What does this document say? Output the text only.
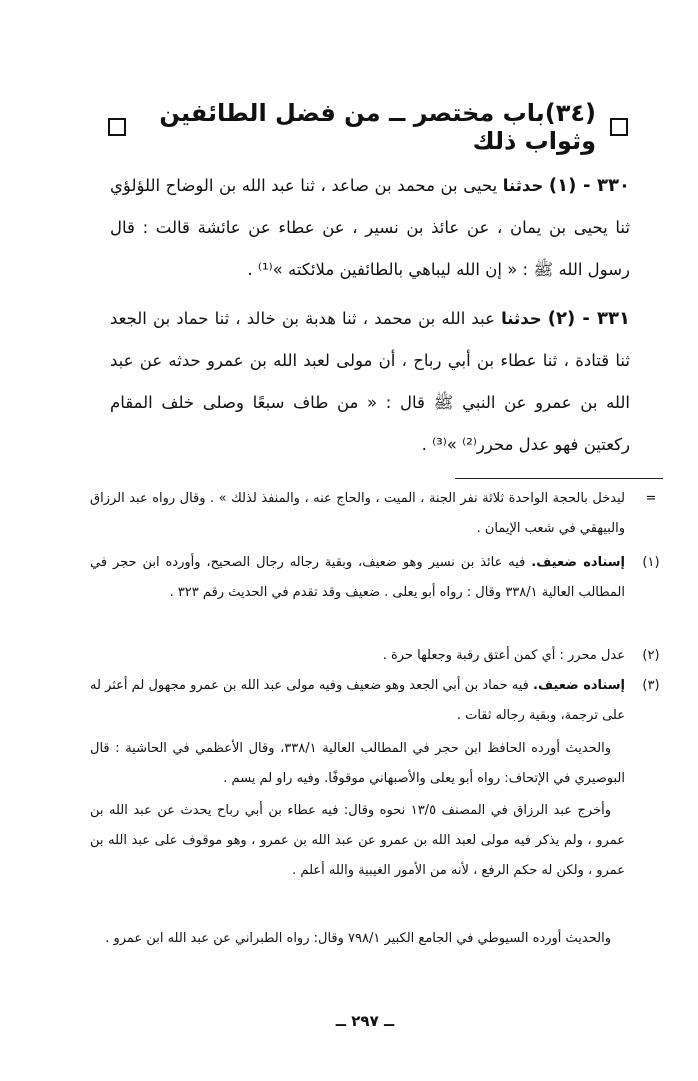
(٣٤)باب مختصر ــ من فضل الطائفين وثواب ذلك
٣٣٠ - (١) حدثنا يحيى بن محمد بن صاعد ، ثنا عبد الله بن الوضاح اللؤلؤي ثنا يحيى بن يمان ، عن عائذ بن نسير ، عن عطاء عن عائشة قالت : قال رسول الله ﷺ : « إن الله ليباهي بالطائفين ملائكته »⁽¹⁾ .
٣٣١ - (٢) حدثنا عبد الله بن محمد ، ثنا هدبة بن خالد ، ثنا حماد بن الجعد ثنا قتادة ، ثنا عطاء بن أبي رباح ، أن مولى لعبد الله بن عمرو حدثه عن عبد الله بن عمرو عن النبي ﷺ قال : « من طاف سبعًا وصلى خلف المقام ركعتين فهو عدل محرر⁽²⁾ »⁽³⁾ .
=
ليدخل بالحجة الواحدة ثلاثة نفر الجنة ، الميت ، والحاج عنه ، والمنفذ لذلك » . وقال رواه عبد الرزاق والبيهقي في شعب الإيمان .
(١)
إسناده ضعيف. فيه عائذ بن نسير وهو ضعيف، وبقية رجاله رجال الصحيح، وأورده ابن حجر في المطالب العالية ٣٣٨/١ وقال : رواه أبو يعلى . ضعيف وقد تقدم في الحديث رقم ٣٢٣ .
(٢)
عدل محرر : أي كمن أعتق رقبة وجعلها حرة .
(٣)
إسناده ضعيف. فيه حماد بن أبي الجعد وهو ضعيف وفيه مولى عبد الله بن عمرو مجهول لم أعثر له على ترجمة، وبقية رجاله ثقات .
والحديث أورده الحافظ ابن حجر في المطالب العالية ٣٣٨/١، وقال الأعظمي في الحاشية : قال البوصيري في الإتحاف: رواه أبو يعلى والأصبهاني موقوفًا. وفيه راو لم يسم .
وأخرج عبد الرزاق في المصنف ١٣/٥ نحوه وقال: فيه عطاء بن أبي رباح يحدث عن عبد الله بن عمرو ، ولم يذكر فيه مولى لعبد الله بن عمرو عن عبد الله بن عمرو ، وهو موقوف على عبد الله بن عمرو ، ولكن له حكم الرفع ، لأنه من الأمور الغيبية والله أعلم .
والحديث أورده السيوطي في الجامع الكبير ٧٩٨/١ وقال: رواه الطبراني عن عبد الله ابن عمرو .
ــ ٢٩٧ ــ
